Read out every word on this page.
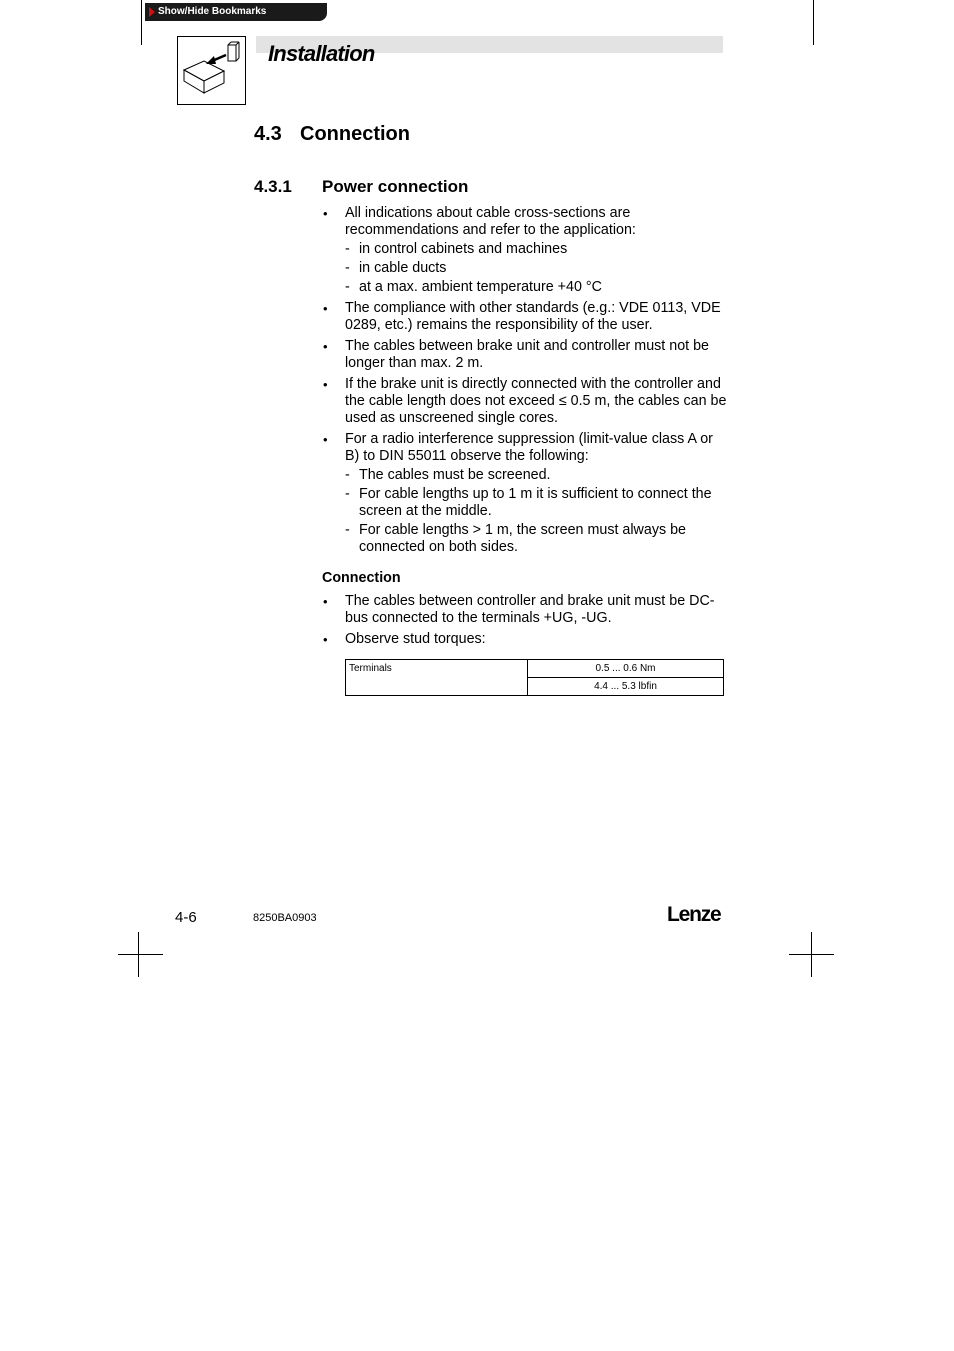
Show/Hide Bookmarks
Installation
4.3 Connection
4.3.1 Power connection
• All indications about cable cross-sections are recommendations and refer to the application:
- in control cabinets and machines
- in cable ducts
- at a max. ambient temperature +40 °C
• The compliance with other standards (e.g.: VDE 0113, VDE 0289, etc.) remains the responsibility of the user.
• The cables between brake unit and controller must not be longer than max. 2 m.
• If the brake unit is directly connected with the controller and the cable length does not exceed ≤ 0.5 m, the cables can be used as unscreened single cores.
• For a radio interference suppression (limit-value class A or B) to DIN 55011 observe the following:
- The cables must be screened.
- For cable lengths up to 1 m it is sufficient to connect the screen at the middle.
- For cable lengths > 1 m, the screen must always be connected on both sides.
Connection
• The cables between controller and brake unit must be DC-bus connected to the terminals +UG, -UG.
• Observe stud torques:
Terminals	0.5 ... 0.6 Nm
4.4 ... 5.3 lbfin
4-6	8250BA0903	Lenze
